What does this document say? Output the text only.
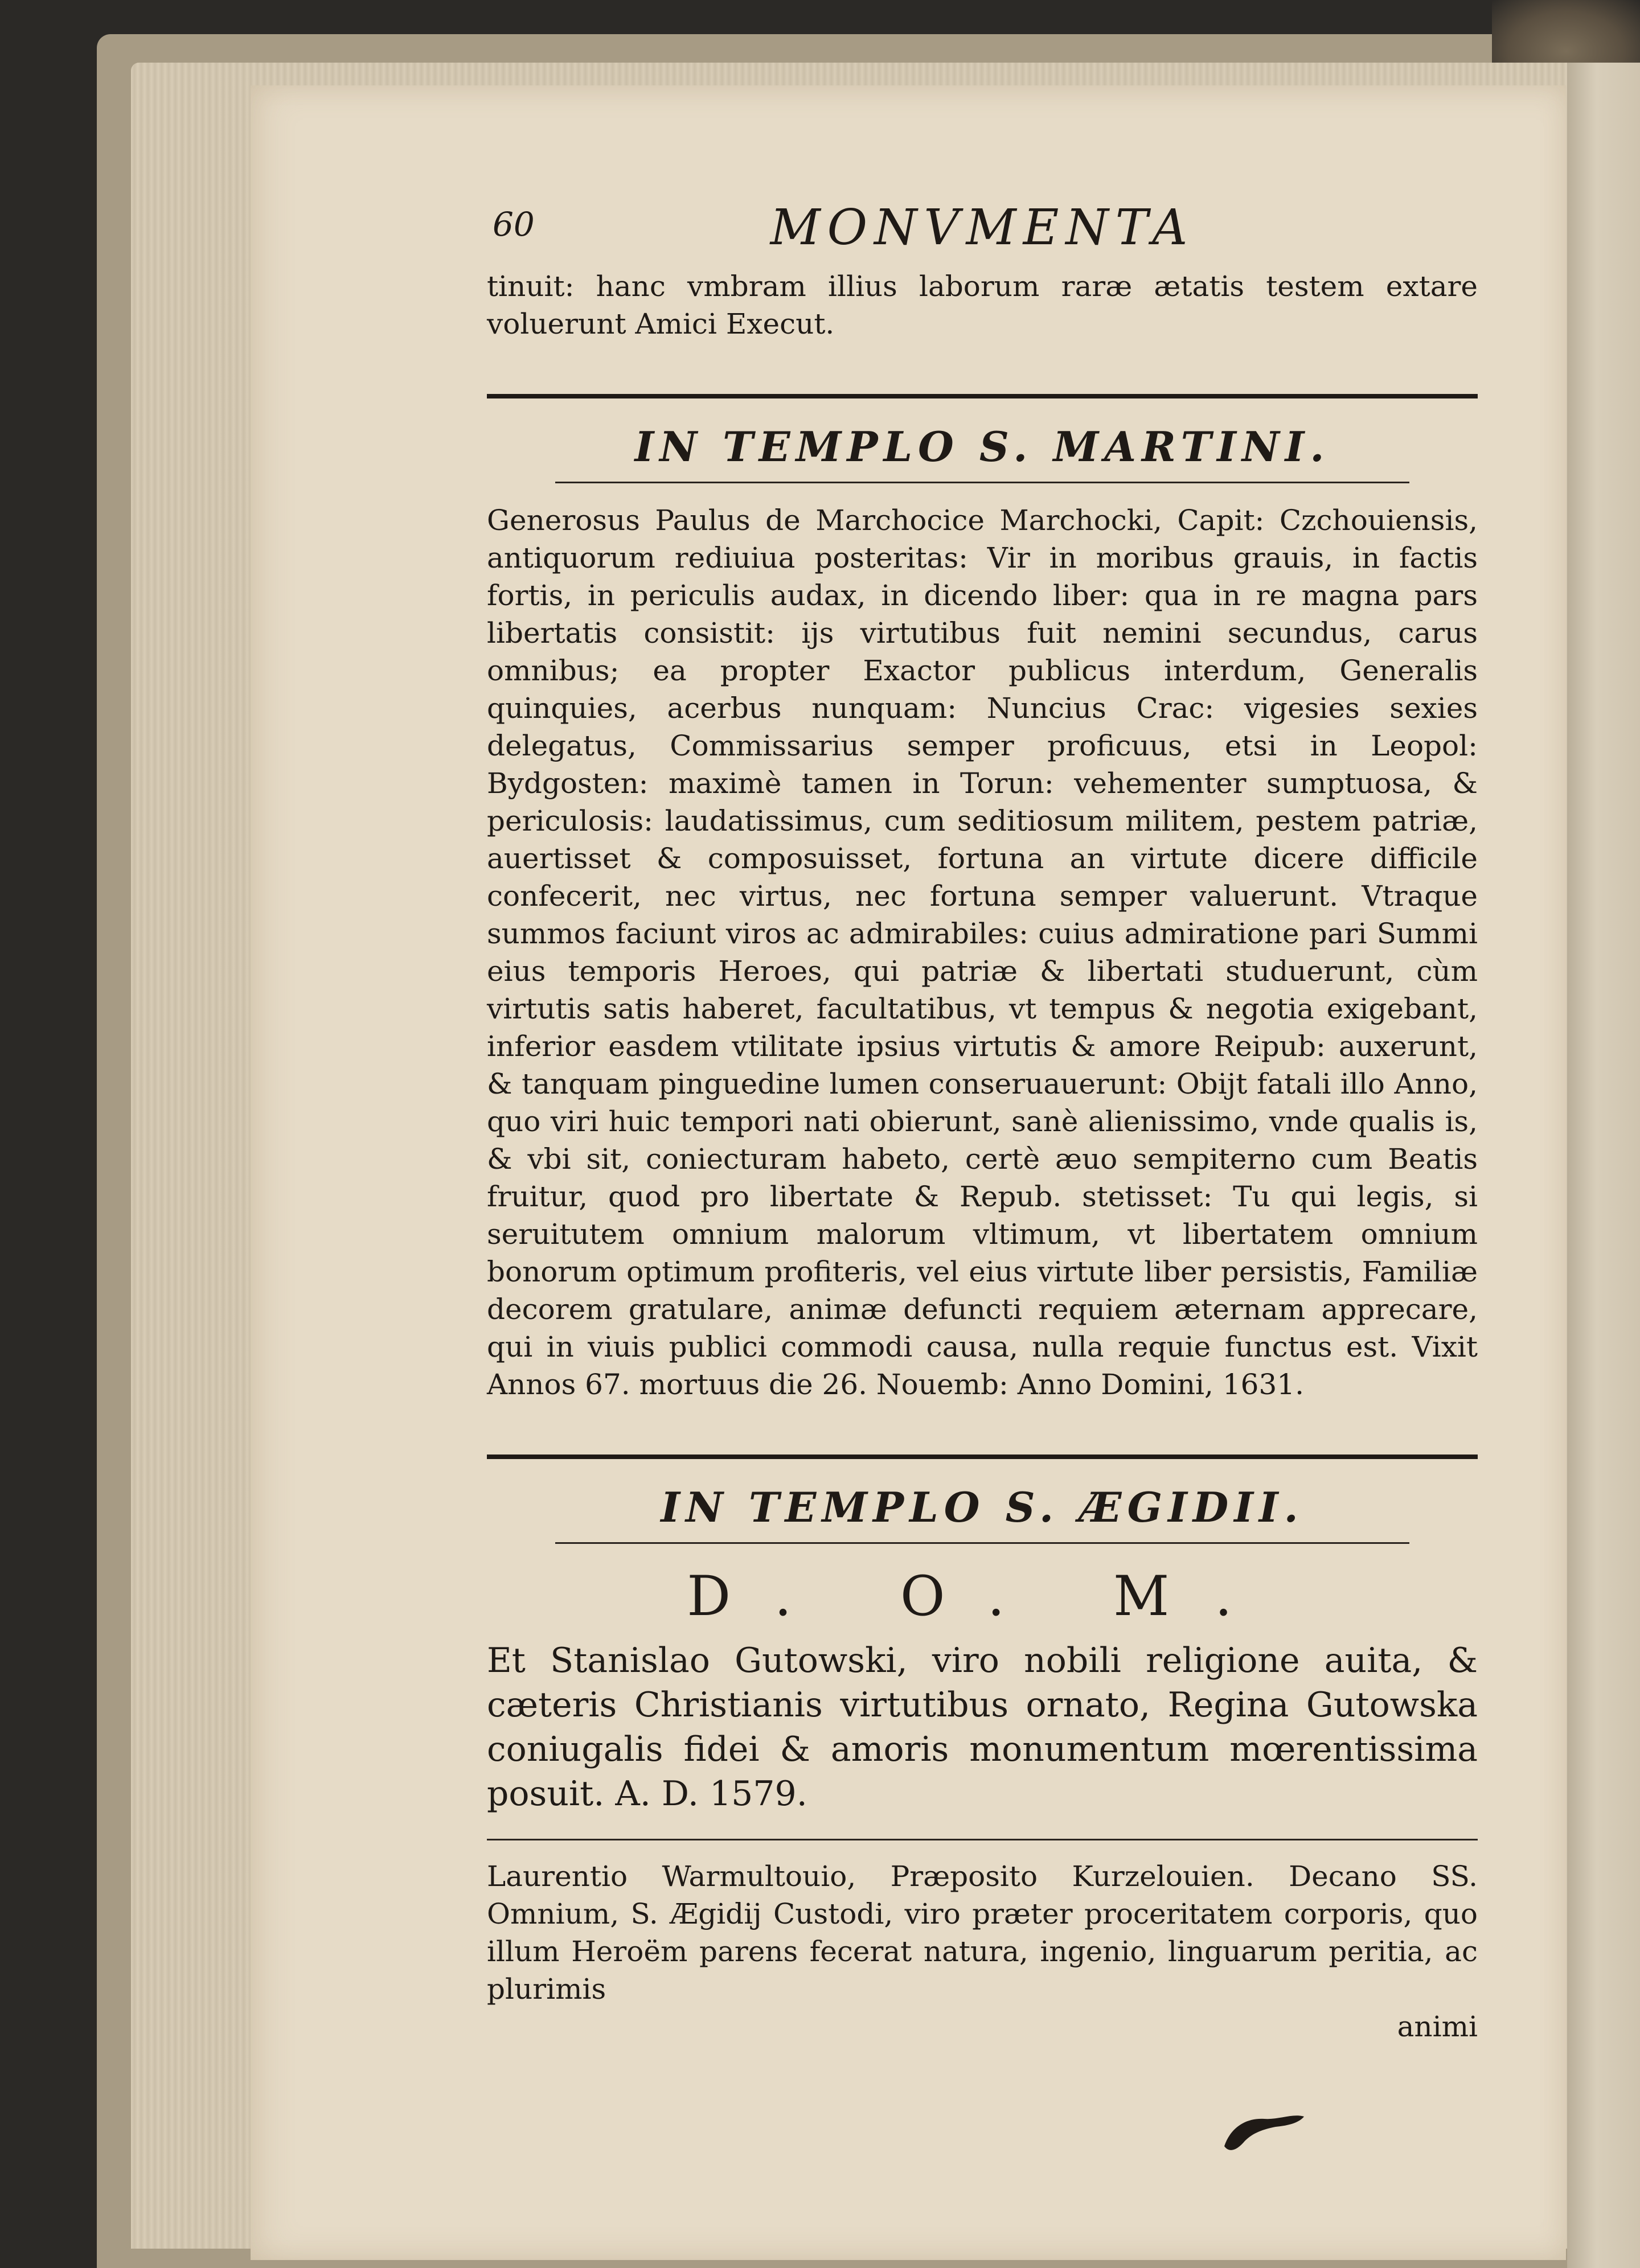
60	MONVMENTA

tinuit: hanc vmbram illius laborum raræ ætatis testem extare voluerunt Amici Execut.

IN TEMPLO S. MARTINI.

Generosus Paulus de Marchocice Marchocki, Capit: Czchouiensis, antiquorum rediuiua posteritas: Vir in moribus grauis, in factis fortis, in periculis audax, in dicendo liber: qua in re magna pars libertatis consistit: ijs virtutibus fuit nemini secundus, carus omnibus; ea propter Exactor publicus interdum, Generalis quinquies, acerbus nunquam: Nuncius Crac: vigesies sexies delegatus, Commissarius semper proficuus, etsi in Leopol: Bydgosten: maximè tamen in Torun: vehementer sumptuosa, & periculosis: laudatissimus, cum seditiosum militem, pestem patriæ, auertisset & composuisset, fortuna an virtute dicere difficile confecerit, nec virtus, nec fortuna semper valuerunt. Vtraque summos faciunt viros ac admirabiles: cuius admiratione pari Summi eius temporis Heroes, qui patriæ & libertati studuerunt, cùm virtutis satis haberet, facultatibus, vt tempus & negotia exigebant, inferior easdem vtilitate ipsius virtutis & amore Reipub: auxerunt, & tanquam pinguedine lumen conseruauerunt: Obijt fatali illo Anno, quo viri huic tempori nati obierunt, sanè alienissimo, vnde qualis is, & vbi sit, coniecturam habeto, certè æuo sempiterno cum Beatis fruitur, quod pro libertate & Repub. stetisset: Tu qui legis, si seruitutem omnium malorum vltimum, vt libertatem omnium bonorum optimum profiteris, vel eius virtute liber persistis, Familiæ decorem gratulare, animæ defuncti requiem æternam apprecare, qui in viuis publici commodi causa, nulla requie functus est. Vixit Annos 67. mortuus die 26. Nouemb: Anno Domini, 1631.

IN TEMPLO S. ÆGIDII.
D. O. M.

Et Stanislao Gutowski, viro nobili religione auita, & cæteris Christianis virtutibus ornato, Regina Gutowska coniugalis fidei & amoris monumentum mœrentissima posuit. A. D. 1579.

Laurentio Warmultouio, Præposito Kurzelouien. Decano SS. Omnium, S. Ægidij Custodi, viro præter proceritatem corporis, quo illum Heroëm parens fecerat natura, ingenio, linguarum peritia, ac plurimis

animi
